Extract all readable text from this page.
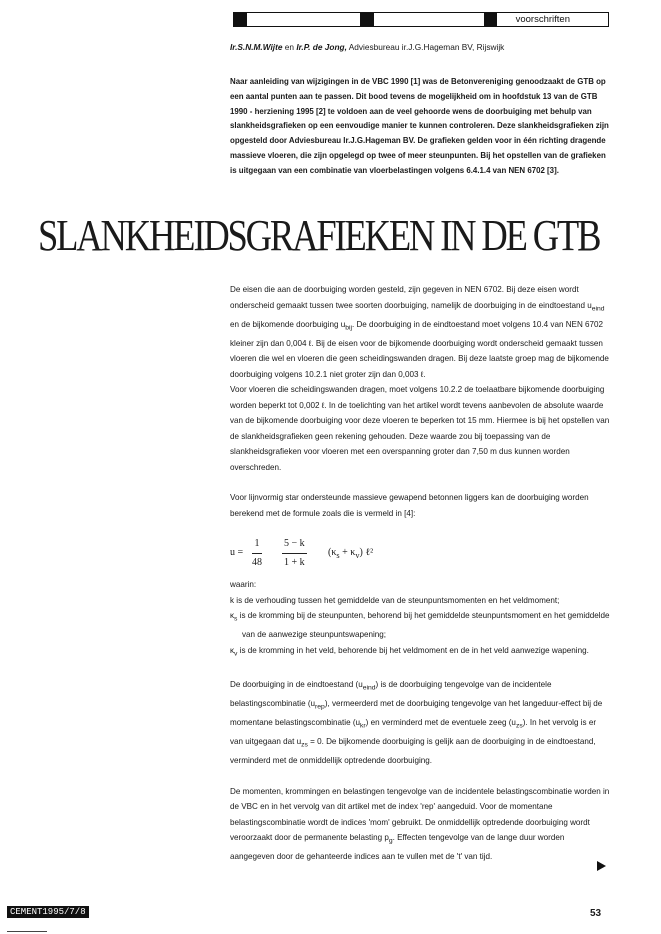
voorschriften
Ir.S.N.M.Wijte en Ir.P. de Jong, Adviesbureau ir.J.G.Hageman BV, Rijswijk

Naar aanleiding van wijzigingen in de VBC 1990 [1] was de Betonvereniging genoodzaakt de GTB op een aantal punten aan te passen. Dit bood tevens de mogelijkheid om in hoofdstuk 13 van de GTB 1990 - herziening 1995 [2] te voldoen aan de veel gehoorde wens de doorbuiging met behulp van slankheidsgrafieken op een eenvoudige manier te kunnen controleren. Deze slankheidsgrafieken zijn opgesteld door Adviesbureau Ir.J.G.Hageman BV. De grafieken gelden voor in één richting dragende massieve vloeren, die zijn opgelegd op twee of meer steunpunten. Bij het opstellen van de grafieken is uitgegaan van een combinatie van vloerbelastingen volgens 6.4.1.4 van NEN 6702 [3].

SLANKHEIDSGRAFIEKEN IN DE GTB

De eisen die aan de doorbuiging worden gesteld, zijn gegeven in NEN 6702. Bij deze eisen wordt onderscheid gemaakt tussen twee soorten doorbuiging, namelijk de doorbuiging in de eindtoestand $u_{eind}$ en de bijkomende doorbuiging $u_{bij}$. De doorbuiging in de eindtoestand moet volgens 10.4 van NEN 6702 kleiner zijn dan 0,004 ℓ. Bij de eisen voor de bijkomende doorbuiging wordt onderscheid gemaakt tussen vloeren die wel en vloeren die geen scheidingswanden dragen. Bij deze laatste groep mag de bijkomende doorbuiging volgens 10.2.1 niet groter zijn dan 0,003 ℓ.

Voor vloeren die scheidingswanden dragen, moet volgens 10.2.2 de toelaatbare bijkomende doorbuiging worden beperkt tot 0,002 ℓ. In de toelichting van het artikel wordt tevens aanbevolen de absolute waarde van de bijkomende doorbuiging voor deze vloeren te beperken tot 15 mm. Hiermee is bij het opstellen van de slankheidsgrafieken geen rekening gehouden. Deze waarde zou bij toepassing van de slankheidsgrafieken voor vloeren met een overspanning groter dan 7,50 m dus kunnen worden overschreden.

Voor lijnvormig star ondersteunde massieve gewapend betonnen liggers kan de doorbuiging worden berekend met de formule zoals die is vermeld in [4]:

$u = \frac{1}{48} \frac{5 - k}{1 + k} (\kappa_s + \kappa_v)$ ℓ²

waarin:

k is de verhouding tussen het gemiddelde van de steunpuntsmomenten en het veldmoment;

$\kappa_s$ is de kromming bij de steunpunten, behorend bij het gemiddelde steunpuntsmoment en het gemiddelde van de aanwezige steunpuntswapening;

$\kappa_v$ is de kromming in het veld, behorende bij het veldmoment en de in het veld aanwezige wapening.

De doorbuiging in de eindtoestand $(u_{eind})$ is de doorbuiging tengevolge van de incidentele belastingscombinatie $(u_{rep})$, vermeerderd met de doorbuiging tengevolge van het langeduur-effect bij de momentane belastingscombinatie $(u_{kr})$ en verminderd met de eventuele zeeg $(u_{zs})$. In het vervolg is er van uitgegaan dat $u_{zs} = 0$. De bijkomende doorbuiging is gelijk aan de doorbuiging in de eindtoestand, verminderd met de onmiddellijk optredende doorbuiging.

De momenten, krommingen en belastingen tengevolge van de incidentele belastingscombinatie worden in de VBC en in het vervolg van dit artikel met de index 'rep' aangeduid. Voor de momentane belastingscombinatie wordt de indices 'mom' gebruikt. De onmiddellijk optredende doorbuiging wordt veroorzaakt door de permanente belasting $p_g$. Effecten tengevolge van de lange duur worden aangegeven door de gehanteerde indices aan te vullen met de 't' van tijd.

CEMENT1995/7/8	53
